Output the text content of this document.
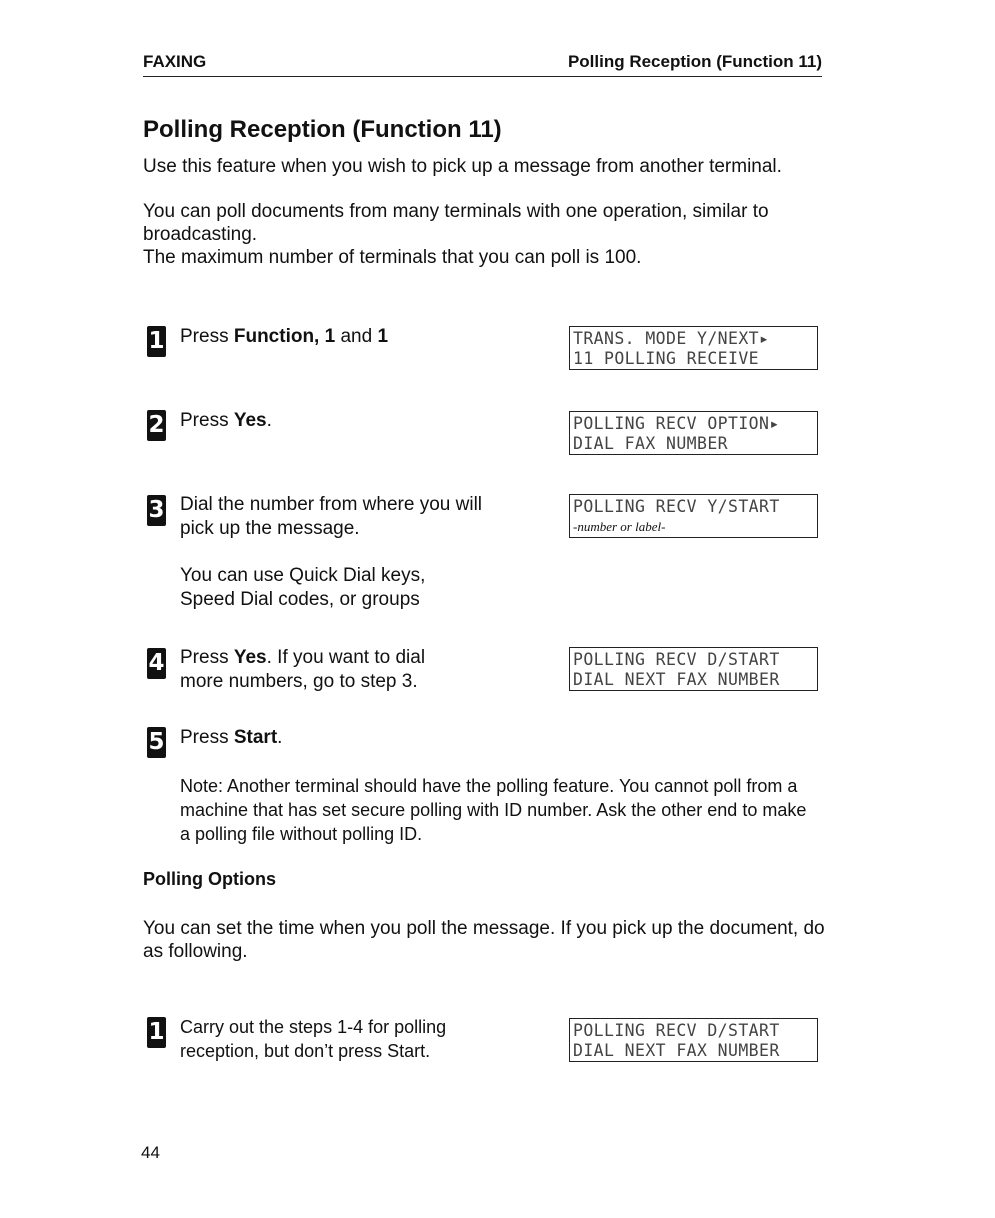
FAXING	Polling Reception (Function 11)
Polling Reception (Function 11)
Use this feature when you wish to pick up a message from another terminal.
You can poll documents from many terminals with one operation, similar to broadcasting.
The maximum number of terminals that you can poll is 100.
1 Press Function, 1 and 1	TRANS. MODE Y/NEXT▸
11 POLLING RECEIVE
2 Press Yes.	POLLING RECV OPTION▸
DIAL FAX NUMBER
3 Dial the number from where you will pick up the message.
You can use Quick Dial keys, Speed Dial codes, or groups
POLLING RECV Y/START
-number or label-
4 Press Yes. If you want to dial more numbers, go to step 3.
POLLING RECV D/START
DIAL NEXT FAX NUMBER
5 Press Start.
Note: Another terminal should have the polling feature. You cannot poll from a machine that has set secure polling with ID number. Ask the other end to make a polling file without polling ID.
Polling Options
You can set the time when you poll the message. If you pick up the document, do as following.
1 Carry out the steps 1-4 for polling reception, but don’t press Start.
POLLING RECV D/START
DIAL NEXT FAX NUMBER
44
